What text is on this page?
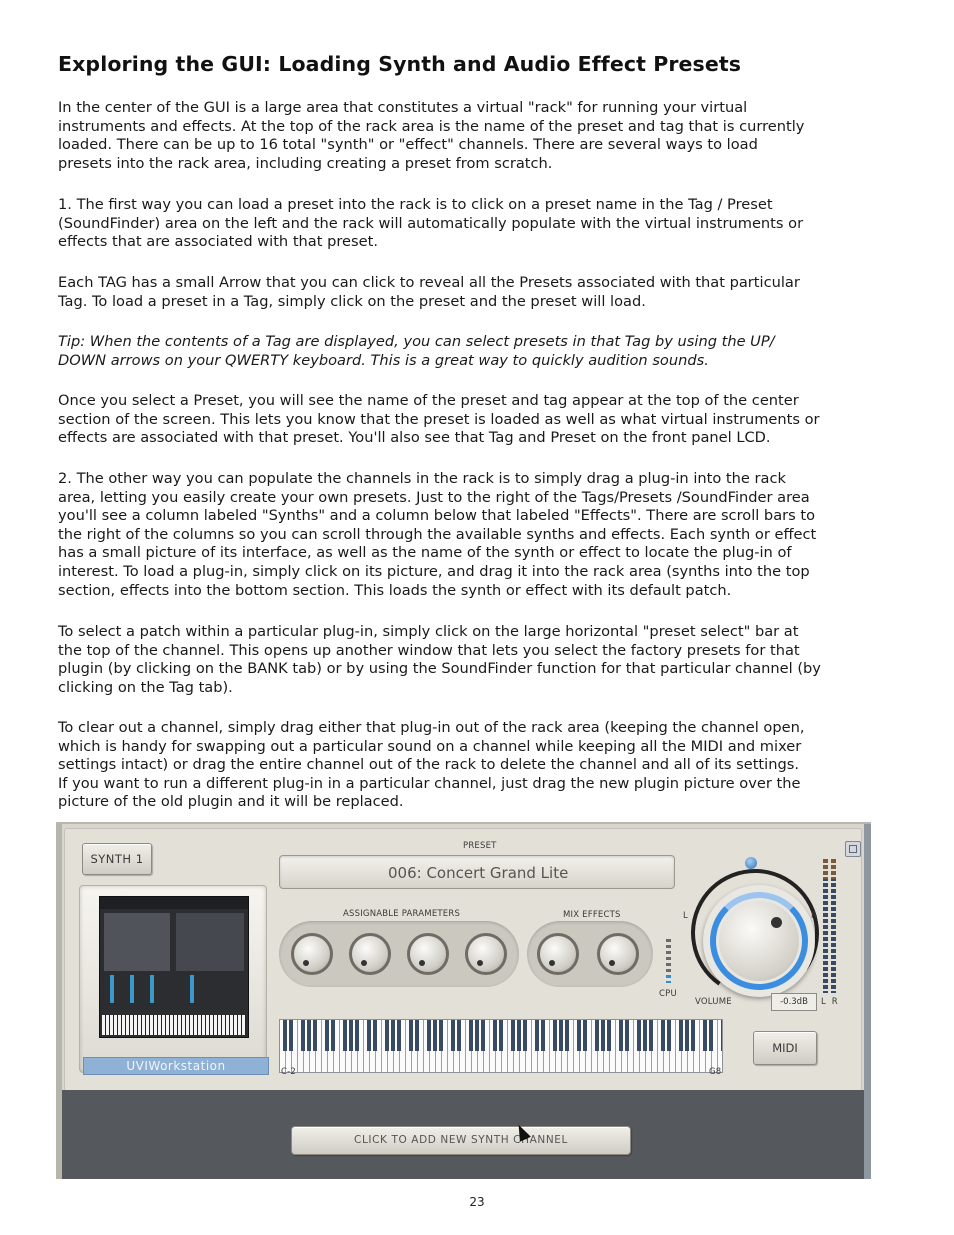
Exploring the GUI: Loading Synth and Audio Effect Presets

In the center of the GUI is a large area that constitutes a virtual "rack" for running your virtual
instruments and effects. At the top of the rack area is the name of the preset and tag that is currently
loaded. There can be up to 16 total "synth" or "effect" channels. There are several ways to load
presets into the rack area, including creating a preset from scratch.

1. The first way you can load a preset into the rack is to click on a preset name in the Tag / Preset
(SoundFinder) area on the left and the rack will automatically populate with the virtual instruments or
effects that are associated with that preset.

Each TAG has a small Arrow that you can click to reveal all the Presets associated with that particular
Tag. To load a preset in a Tag, simply click on the preset and the preset will load.

Tip: When the contents of a Tag are displayed, you can select presets in that Tag by using the UP/
DOWN arrows on your QWERTY keyboard. This is a great way to quickly audition sounds.

Once you select a Preset, you will see the name of the preset and tag appear at the top of the center
section of the screen. This lets you know that the preset is loaded as well as what virtual instruments or
effects are associated with that preset. You'll also see that Tag and Preset on the front panel LCD.

2. The other way you can populate the channels in the rack is to simply drag a plug-in into the rack
area, letting you easily create your own presets. Just to the right of the Tags/Presets /SoundFinder area
you'll see a column labeled "Synths" and a column below that labeled "Effects". There are scroll bars to
the right of the columns so you can scroll through the available synths and effects. Each synth or effect
has a small picture of its interface, as well as the name of the synth or effect to locate the plug-in of
interest. To load a plug-in, simply click on its picture, and drag it into the rack area (synths into the top
section, effects into the bottom section. This loads the synth or effect with its default patch.

To select a patch within a particular plug-in, simply click on the large horizontal "preset select" bar at
the top of the channel. This opens up another window that lets you select the factory presets for that
plugin (by clicking on the BANK tab) or by using the SoundFinder function for that particular channel (by
clicking on the Tag tab).

To clear out a channel, simply drag either that plug-in out of the rack area (keeping the channel open,
which is handy for swapping out a particular sound on a channel while keeping all the MIDI and mixer
settings intact) or drag the entire channel out of the rack to delete the channel and all of its settings.
If you want to run a different plug-in in a particular channel, just drag the new plugin picture over the
picture of the old plugin and it will be replaced.

SYNTH 1
UVIWorkstation
PRESET
006: Concert Grand Lite
ASSIGNABLE PARAMETERS	MIX EFFECTS
CPU
L	R
VOLUME	-0.3dB	L  R
C-2	G8
MIDI
CLICK TO ADD NEW SYNTH CHANNEL
23
